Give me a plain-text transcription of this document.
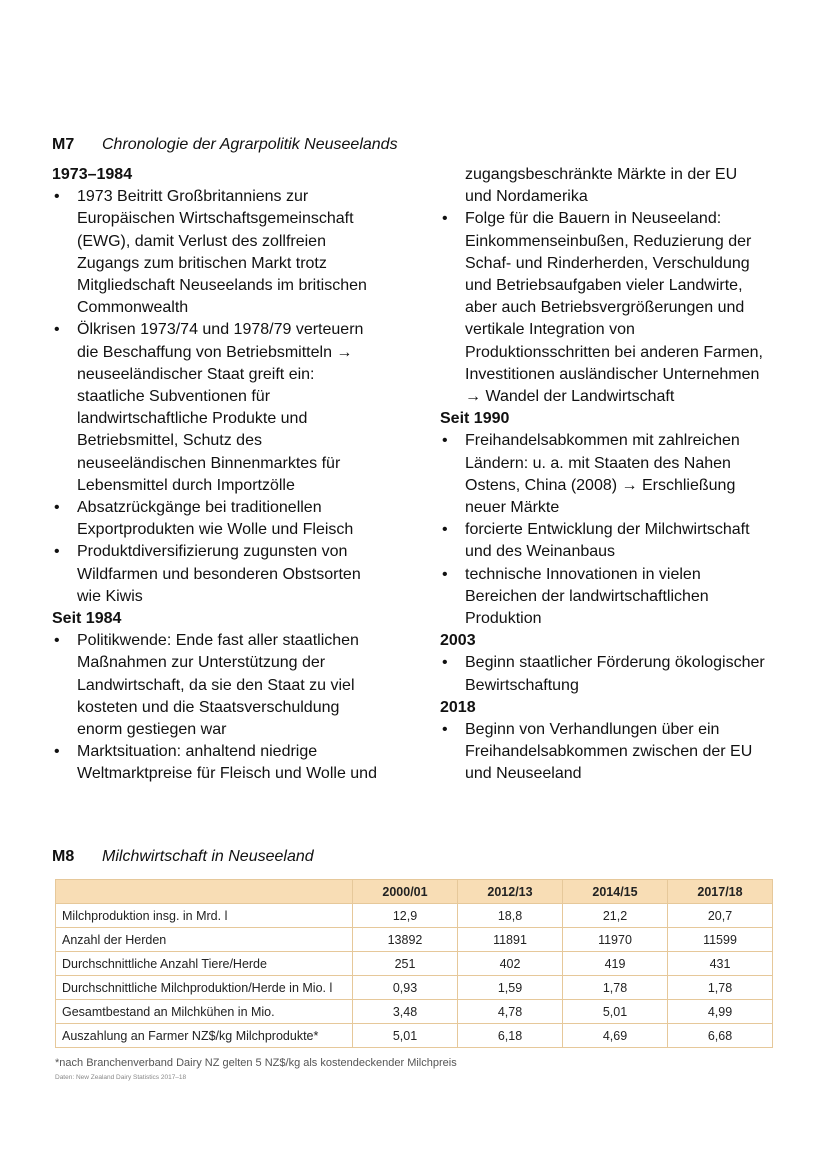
M7	Chronologie der Agrarpolitik Neuseelands
1973–1984
• 1973 Beitritt Großbritanniens zur
Europäischen Wirtschaftsgemeinschaft
(EWG), damit Verlust des zollfreien
Zugangs zum britischen Markt trotz
Mitgliedschaft Neuseelands im britischen
Commonwealth
• Ölkrisen 1973/74 und 1978/79 verteuern
die Beschaffung von Betriebsmitteln →
neuseeländischer Staat greift ein:
staatliche Subventionen für
landwirtschaftliche Produkte und
Betriebsmittel, Schutz des
neuseeländischen Binnenmarktes für
Lebensmittel durch Importzölle
• Absatzrückgänge bei traditionellen
Exportprodukten wie Wolle und Fleisch
• Produktdiversifizierung zugunsten von
Wildfarmen und besonderen Obstsorten
wie Kiwis
Seit 1984
• Politikwende: Ende fast aller staatlichen
Maßnahmen zur Unterstützung der
Landwirtschaft, da sie den Staat zu viel
kosteten und die Staatsverschuldung
enorm gestiegen war
• Marktsituation: anhaltend niedrige
Weltmarktpreise für Fleisch und Wolle und
zugangsbeschränkte Märkte in der EU
und Nordamerika
• Folge für die Bauern in Neuseeland:
Einkommenseinbußen, Reduzierung der
Schaf- und Rinderherden, Verschuldung
und Betriebsaufgaben vieler Landwirte,
aber auch Betriebsvergrößerungen und
vertikale Integration von
Produktionsschritten bei anderen Farmen,
Investitionen ausländischer Unternehmen
→ Wandel der Landwirtschaft
Seit 1990
• Freihandelsabkommen mit zahlreichen
Ländern: u. a. mit Staaten des Nahen
Ostens, China (2008) → Erschließung
neuer Märkte
• forcierte Entwicklung der Milchwirtschaft
und des Weinanbaus
• technische Innovationen in vielen
Bereichen der landwirtschaftlichen
Produktion
2003
• Beginn staatlicher Förderung ökologischer
Bewirtschaftung
2018
• Beginn von Verhandlungen über ein
Freihandelsabkommen zwischen der EU
und Neuseeland
M8	Milchwirtschaft in Neuseeland
	2000/01	2012/13	2014/15	2017/18
Milchproduktion insg. in Mrd. l	12,9	18,8	21,2	20,7
Anzahl der Herden	13892	11891	11970	11599
Durchschnittliche Anzahl Tiere/Herde	251	402	419	431
Durchschnittliche Milchproduktion/Herde in Mio. l	0,93	1,59	1,78	1,78
Gesamtbestand an Milchkühen in Mio.	3,48	4,78	5,01	4,99
Auszahlung an Farmer NZ$/kg Milchprodukte*	5,01	6,18	4,69	6,68
*nach Branchenverband Dairy NZ gelten 5 NZ$/kg als kostendeckender Milchpreis
Daten: New Zealand Dairy Statistics 2017–18
